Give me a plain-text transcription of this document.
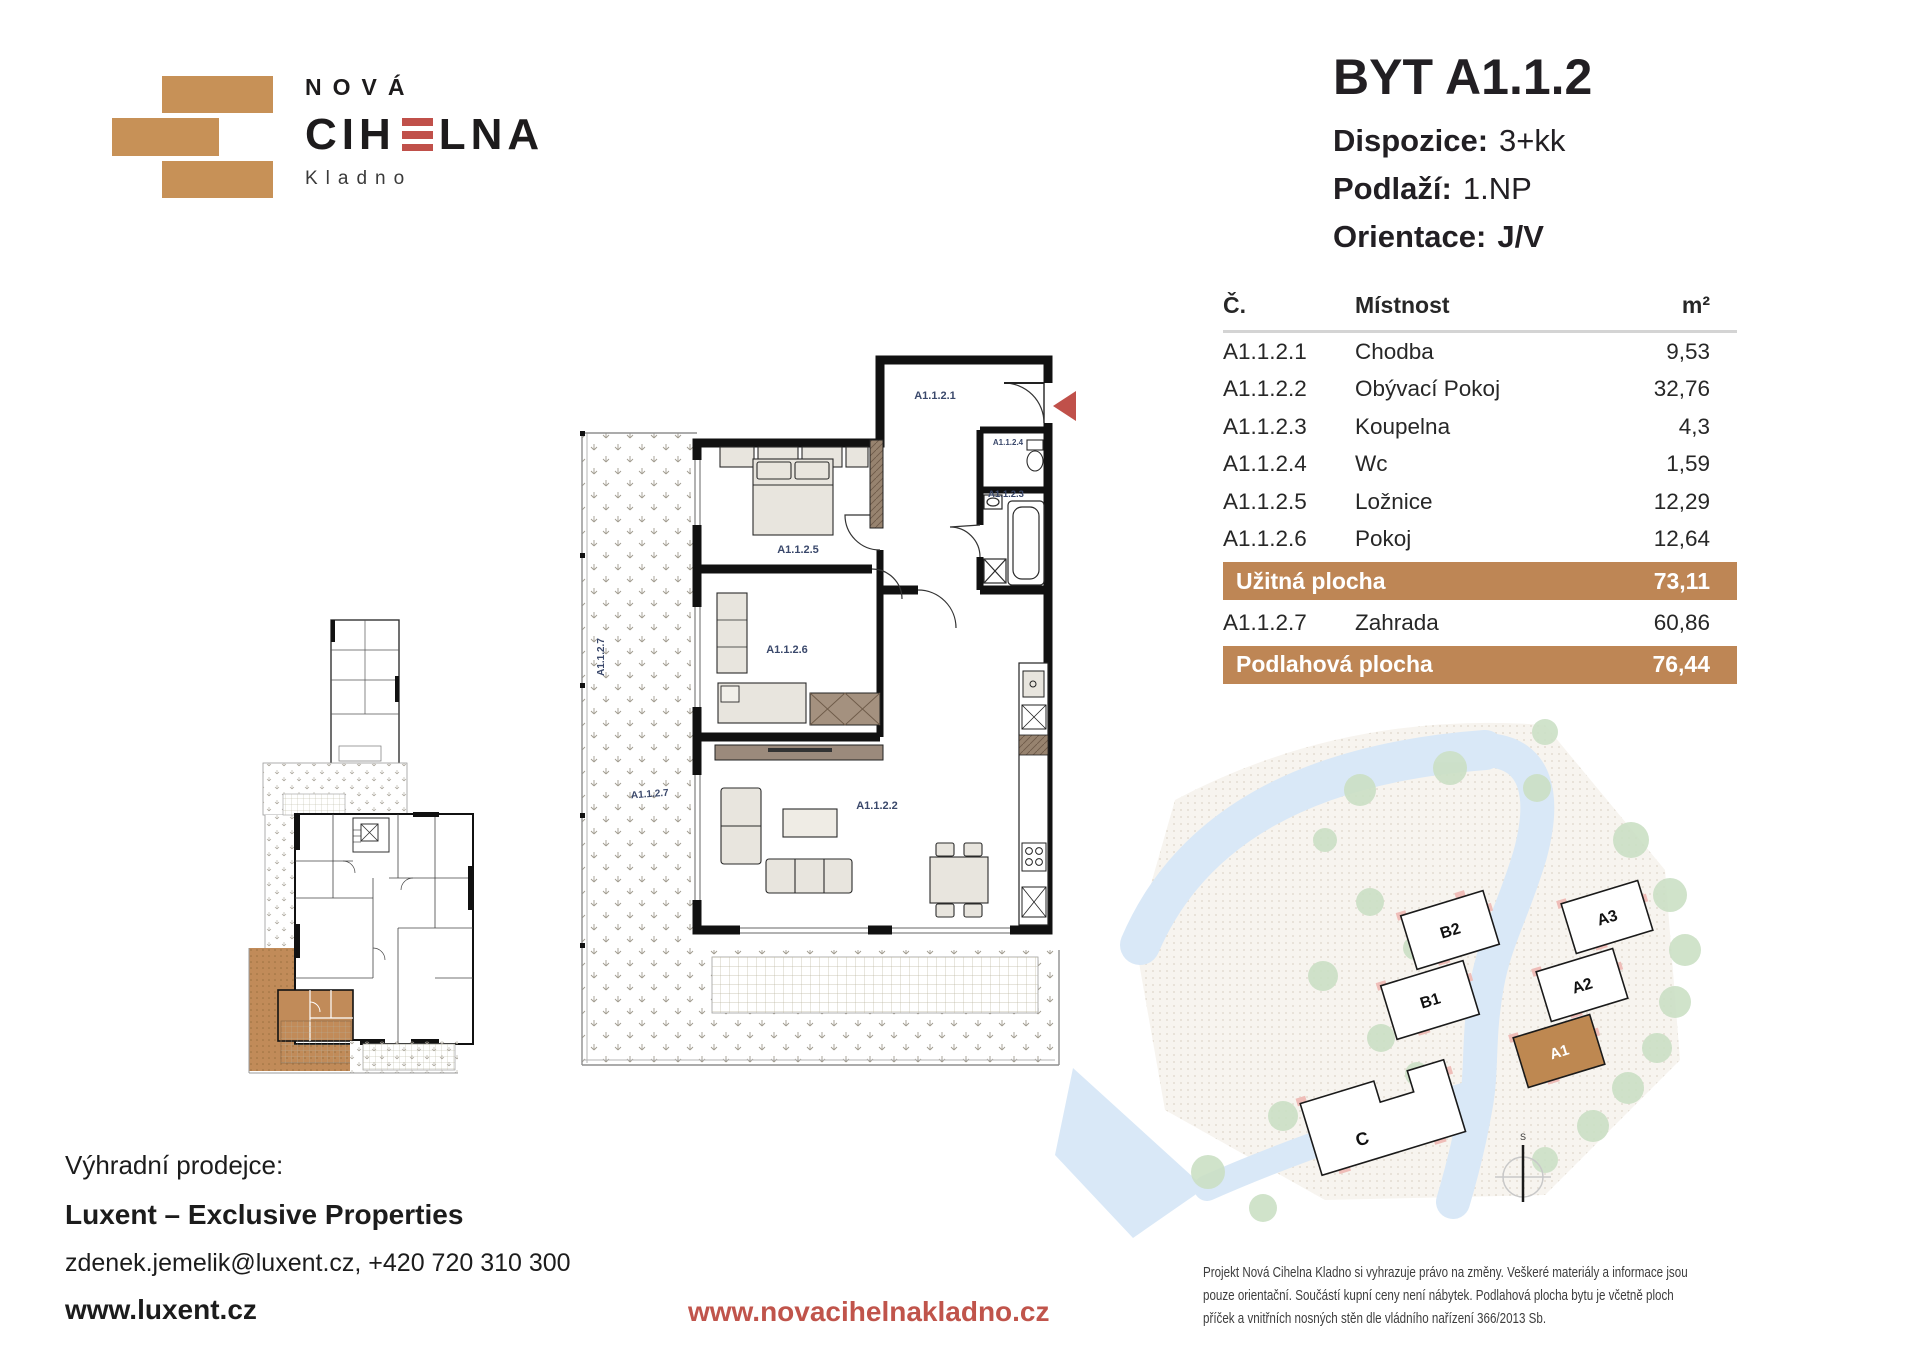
NOVÁ
CIH LNA
Kladno
BYT A1.1.2
Dispozice: 3+kk
Podlaží: 1.NP
Orientace: J/V
Č.	Místnost	m²
A1.1.2.1	Chodba	9,53
A1.1.2.2	Obývací Pokoj	32,76
A1.1.2.3	Koupelna	4,3
A1.1.2.4	Wc	1,59
A1.1.2.5	Ložnice	12,29
A1.1.2.6	Pokoj	12,64
Užitná plocha	73,11
A1.1.2.7	Zahrada	60,86
Podlahová plocha	76,44
A1.1.2.1
A1.1.2.4
A1.1.2.3
A1.1.2.5
A1.1.2.6
A1.1.2.2
A1.1.2.7
A1.1.2.7
B2
B1
A3
A2
A1
C	S
Výhradní prodejce:
Luxent – Exclusive Properties
zdenek.jemelik@luxent.cz, +420 720 310 300
www.luxent.cz	www.novacihelnakladno.cz
Projekt Nová Cihelna Kladno si vyhrazuje právo na změny. Veškeré materiály a informace jsou pouze orientační. Součástí kupní ceny není nábytek. Podlahová plocha bytu je včetně ploch příček a vnitřních nosných stěn dle vládního nařízení 366/2013 Sb.
